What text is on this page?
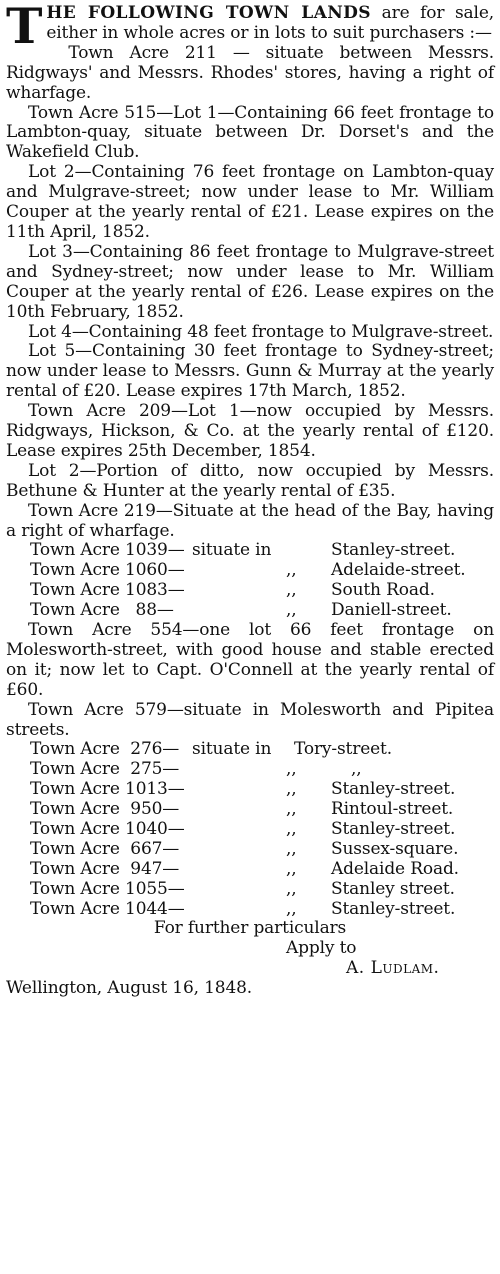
THE FOLLOWING TOWN LANDS are for sale, either in whole acres or in lots to suit purchasers :—

Town Acre 211 — situate between Messrs. Ridgways' and Messrs. Rhodes' stores, having a right of wharfage.

Town Acre 515—Lot 1—Containing 66 feet frontage to Lambton-quay, situate between Dr. Dorset's and the Wakefield Club.

Lot 2—Containing 76 feet frontage on Lambton-quay and Mulgrave-street; now under lease to Mr. William Couper at the yearly rental of £21. Lease expires on the 11th April, 1852.

Lot 3—Containing 86 feet frontage to Mulgrave-street and Sydney-street; now under lease to Mr. William Couper at the yearly rental of £26. Lease expires on the 10th February, 1852.

Lot 4—Containing 48 feet frontage to Mulgrave-street.

Lot 5—Containing 30 feet frontage to Sydney-street; now under lease to Messrs. Gunn & Murray at the yearly rental of £20. Lease expires 17th March, 1852.

Town Acre 209—Lot 1—now occupied by Messrs. Ridgways, Hickson, & Co. at the yearly rental of £120. Lease expires 25th December, 1854.

Lot 2—Portion of ditto, now occupied by Messrs. Bethune & Hunter at the yearly rental of £35.

Town Acre 219—Situate at the head of the Bay, having a right of wharfage.

Town Acre 1039— situate in	Stanley-street.
Town Acre 1060—	,, Adelaide-street.
Town Acre 1083—	,, South Road.
Town Acre   88—	,, Daniell-street.

Town Acre 554—one lot 66 feet frontage on Molesworth-street, with good house and stable erected on it; now let to Capt. O'Connell at the yearly rental of £60.

Town Acre 579—situate in Molesworth and Pipitea streets.

Town Acre  276— situate in Tory-street.
Town Acre  275—	,,	,,
Town Acre 1013—	,, Stanley-street.
Town Acre  950—	,, Rintoul-street.
Town Acre 1040—	,, Stanley-street.
Town Acre  667—	,, Sussex-square.
Town Acre  947—	,, Adelaide Road.
Town Acre 1055—	,, Stanley street.
Town Acre 1044—	,, Stanley-street.

For further particulars

Apply to

A. Ludlam.

Wellington, August 16, 1848.
